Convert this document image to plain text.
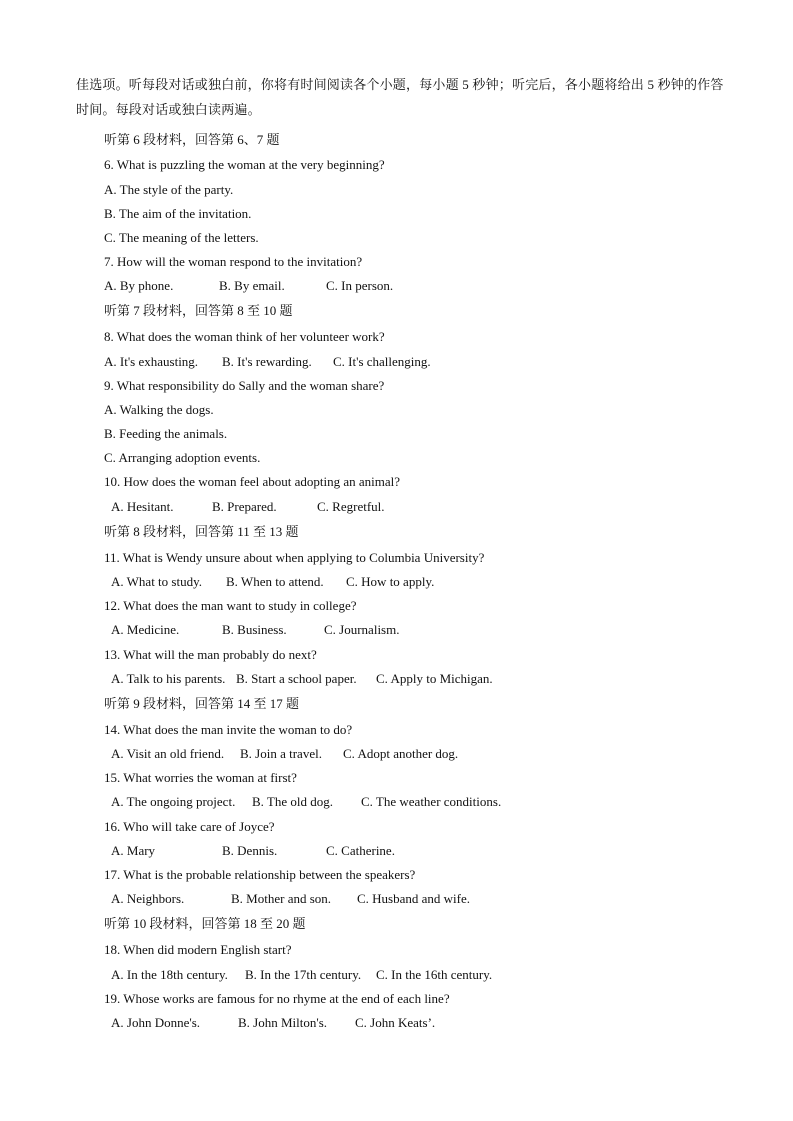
佳选项。听每段对话或独白前，你将有时间阅读各个小题，每小题 5 秒钟；听完后，各小题将给出 5 秒钟的作答时间。每段对话或独白读两遍。
听第 6 段材料，回答第 6、7 题
6. What is puzzling the woman at the very beginning?
A. The style of the party.
B. The aim of the invitation.
C. The meaning of the letters.
7. How will the woman respond to the invitation?
A. By phone.	B. By email.	C. In person.
听第 7 段材料，回答第 8 至 10 题
8. What does the woman think of her volunteer work?
A. It's exhausting. B. It's rewarding. C. It's challenging.
9. What responsibility do Sally and the woman share?
A. Walking the dogs.
B. Feeding the animals.
C. Arranging adoption events.
10. How does the woman feel about adopting an animal?
A. Hesitant.	B. Prepared.	C. Regretful.
听第 8 段材料，回答第 11 至 13 题
11. What is Wendy unsure about when applying to Columbia University?
A. What to study. B. When to attend. C. How to apply.
12. What does the man want to study in college?
A. Medicine.	B. Business.	C. Journalism.
13. What will the man probably do next?
A. Talk to his parents. B. Start a school paper. C. Apply to Michigan.
听第 9 段材料，回答第 14 至 17 题
14. What does the man invite the woman to do?
A. Visit an old friend. B. Join a travel. C. Adopt another dog.
15. What worries the woman at first?
A. The ongoing project. B. The old dog. C. The weather conditions.
16. Who will take care of Joyce?
A. Mary	B. Dennis.	C. Catherine.
17. What is the probable relationship between the speakers?
A. Neighbors.	B. Mother and son. C. Husband and wife.
听第 10 段材料，回答第 18 至 20 题
18. When did modern English start?
A. In the 18th century. B. In the 17th century. C. In the 16th century.
19. Whose works are famous for no rhyme at the end of each line?
A. John Donne's.	B. John Milton's. C. John Keats’.
